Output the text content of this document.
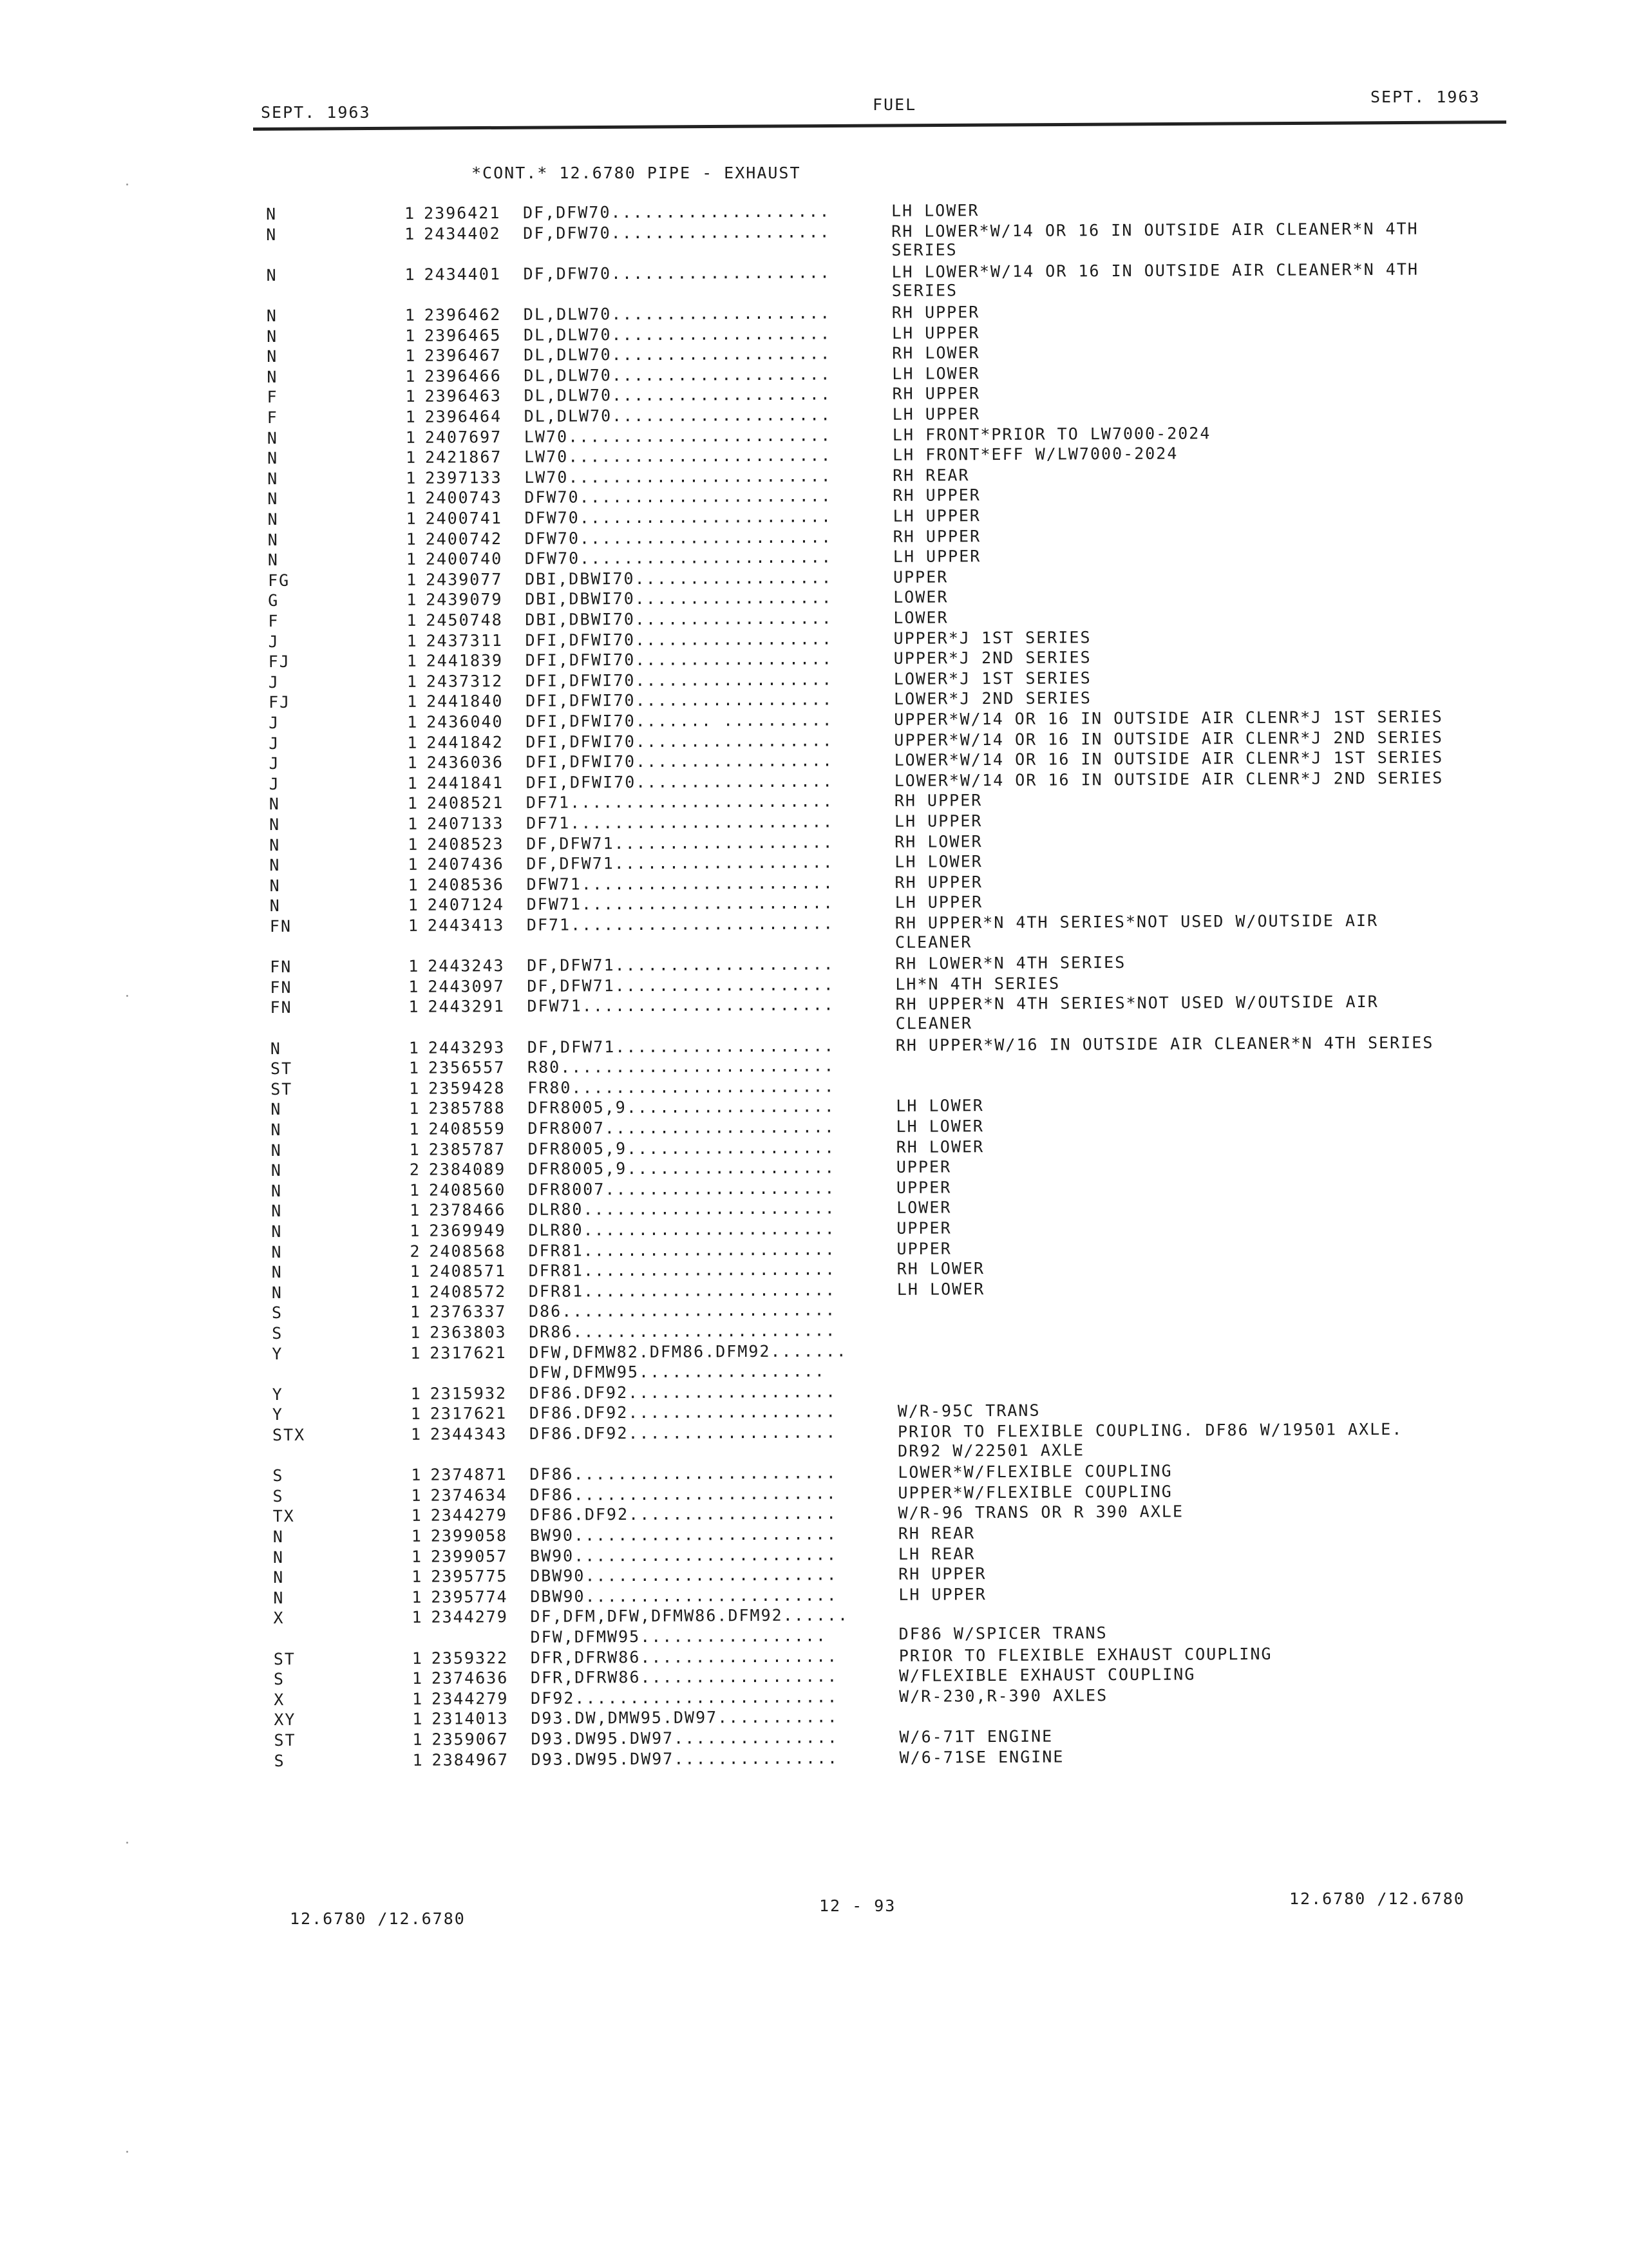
SEPT. 1963	FUEL	SEPT. 1963
*CONT.* 12.6780 PIPE - EXHAUST
N	1 2396421 DF,DFW70....................	LH LOWER
N	1 2434402 DF,DFW70....................	RH LOWER*W/14 OR 16 IN OUTSIDE AIR CLEANER*N 4TH
SERIES
N	1 2434401 DF,DFW70....................	LH LOWER*W/14 OR 16 IN OUTSIDE AIR CLEANER*N 4TH
SERIES
N	1 2396462 DL,DLW70....................	RH UPPER
N	1 2396465 DL,DLW70....................	LH UPPER
N	1 2396467 DL,DLW70....................	RH LOWER
N	1 2396466 DL,DLW70....................	LH LOWER
F	1 2396463 DL,DLW70....................	RH UPPER
F	1 2396464 DL,DLW70....................	LH UPPER
N	1 2407697 LW70........................	LH FRONT*PRIOR TO LW7000-2024
N	1 2421867 LW70........................	LH FRONT*EFF W/LW7000-2024
N	1 2397133 LW70........................	RH REAR
N	1 2400743 DFW70.......................	RH UPPER
N	1 2400741 DFW70.......................	LH UPPER
N	1 2400742 DFW70.......................	RH UPPER
N	1 2400740 DFW70.......................	LH UPPER
FG	1 2439077 DBI,DBWI70..................	UPPER
G	1 2439079 DBI,DBWI70..................	LOWER
F	1 2450748 DBI,DBWI70..................	LOWER
J	1 2437311 DFI,DFWI70..................	UPPER*J 1ST SERIES
FJ	1 2441839 DFI,DFWI70..................	UPPER*J 2ND SERIES
J	1 2437312 DFI,DFWI70..................	LOWER*J 1ST SERIES
FJ	1 2441840 DFI,DFWI70..................	LOWER*J 2ND SERIES
J	1 2436040 DFI,DFWI70....... ..........	UPPER*W/14 OR 16 IN OUTSIDE AIR CLENR*J 1ST SERIES
J	1 2441842 DFI,DFWI70..................	UPPER*W/14 OR 16 IN OUTSIDE AIR CLENR*J 2ND SERIES
J	1 2436036 DFI,DFWI70..................	LOWER*W/14 OR 16 IN OUTSIDE AIR CLENR*J 1ST SERIES
J	1 2441841 DFI,DFWI70..................	LOWER*W/14 OR 16 IN OUTSIDE AIR CLENR*J 2ND SERIES
N	1 2408521 DF71........................	RH UPPER
N	1 2407133 DF71........................	LH UPPER
N	1 2408523 DF,DFW71....................	RH LOWER
N	1 2407436 DF,DFW71....................	LH LOWER
N	1 2408536 DFW71.......................	RH UPPER
N	1 2407124 DFW71.......................	LH UPPER
FN	1 2443413 DF71........................	RH UPPER*N 4TH SERIES*NOT USED W/OUTSIDE AIR
CLEANER
FN	1 2443243 DF,DFW71....................	RH LOWER*N 4TH SERIES
FN	1 2443097 DF,DFW71....................	LH*N 4TH SERIES
FN	1 2443291 DFW71.......................	RH UPPER*N 4TH SERIES*NOT USED W/OUTSIDE AIR
CLEANER
N	1 2443293 DF,DFW71....................	RH UPPER*W/16 IN OUTSIDE AIR CLEANER*N 4TH SERIES
ST	1 2356557 R80.........................
ST	1 2359428 FR80........................
N	1 2385788 DFR8005,9...................	LH LOWER
N	1 2408559 DFR8007.....................	LH LOWER
N	1 2385787 DFR8005,9...................	RH LOWER
N	2 2384089 DFR8005,9...................	UPPER
N	1 2408560 DFR8007.....................	UPPER
N	1 2378466 DLR80.......................	LOWER
N	1 2369949 DLR80.......................	UPPER
N	2 2408568 DFR81.......................	UPPER
N	1 2408571 DFR81.......................	RH LOWER
N	1 2408572 DFR81.......................	LH LOWER
S	1 2376337 D86.........................
S	1 2363803 DR86........................
Y	1 2317621 DFW,DFMW82.DFM86.DFM92.......
DFW,DFMW95.................
Y	1 2315932 DF86.DF92...................
Y	1 2317621 DF86.DF92...................	W/R-95C TRANS
STX	1 2344343 DF86.DF92...................	PRIOR TO FLEXIBLE COUPLING. DF86 W/19501 AXLE.
DR92 W/22501 AXLE
S	1 2374871 DF86........................	LOWER*W/FLEXIBLE COUPLING
S	1 2374634 DF86........................	UPPER*W/FLEXIBLE COUPLING
TX	1 2344279 DF86.DF92...................	W/R-96 TRANS OR R 390 AXLE
N	1 2399058 BW90........................	RH REAR
N	1 2399057 BW90........................	LH REAR
N	1 2395775 DBW90.......................	RH UPPER
N	1 2395774 DBW90.......................	LH UPPER
X	1 2344279 DF,DFM,DFW,DFMW86.DFM92......
DFW,DFMW95.................	DF86 W/SPICER TRANS
ST	1 2359322 DFR,DFRW86..................	PRIOR TO FLEXIBLE EXHAUST COUPLING
S	1 2374636 DFR,DFRW86..................	W/FLEXIBLE EXHAUST COUPLING
X	1 2344279 DF92........................	W/R-230,R-390 AXLES
XY	1 2314013 D93.DW,DMW95.DW97...........
ST	1 2359067 D93.DW95.DW97...............	W/6-71T ENGINE
S	1 2384967 D93.DW95.DW97...............	W/6-71SE ENGINE
12.6780 /12.6780
12 - 93	12.6780 /12.6780
